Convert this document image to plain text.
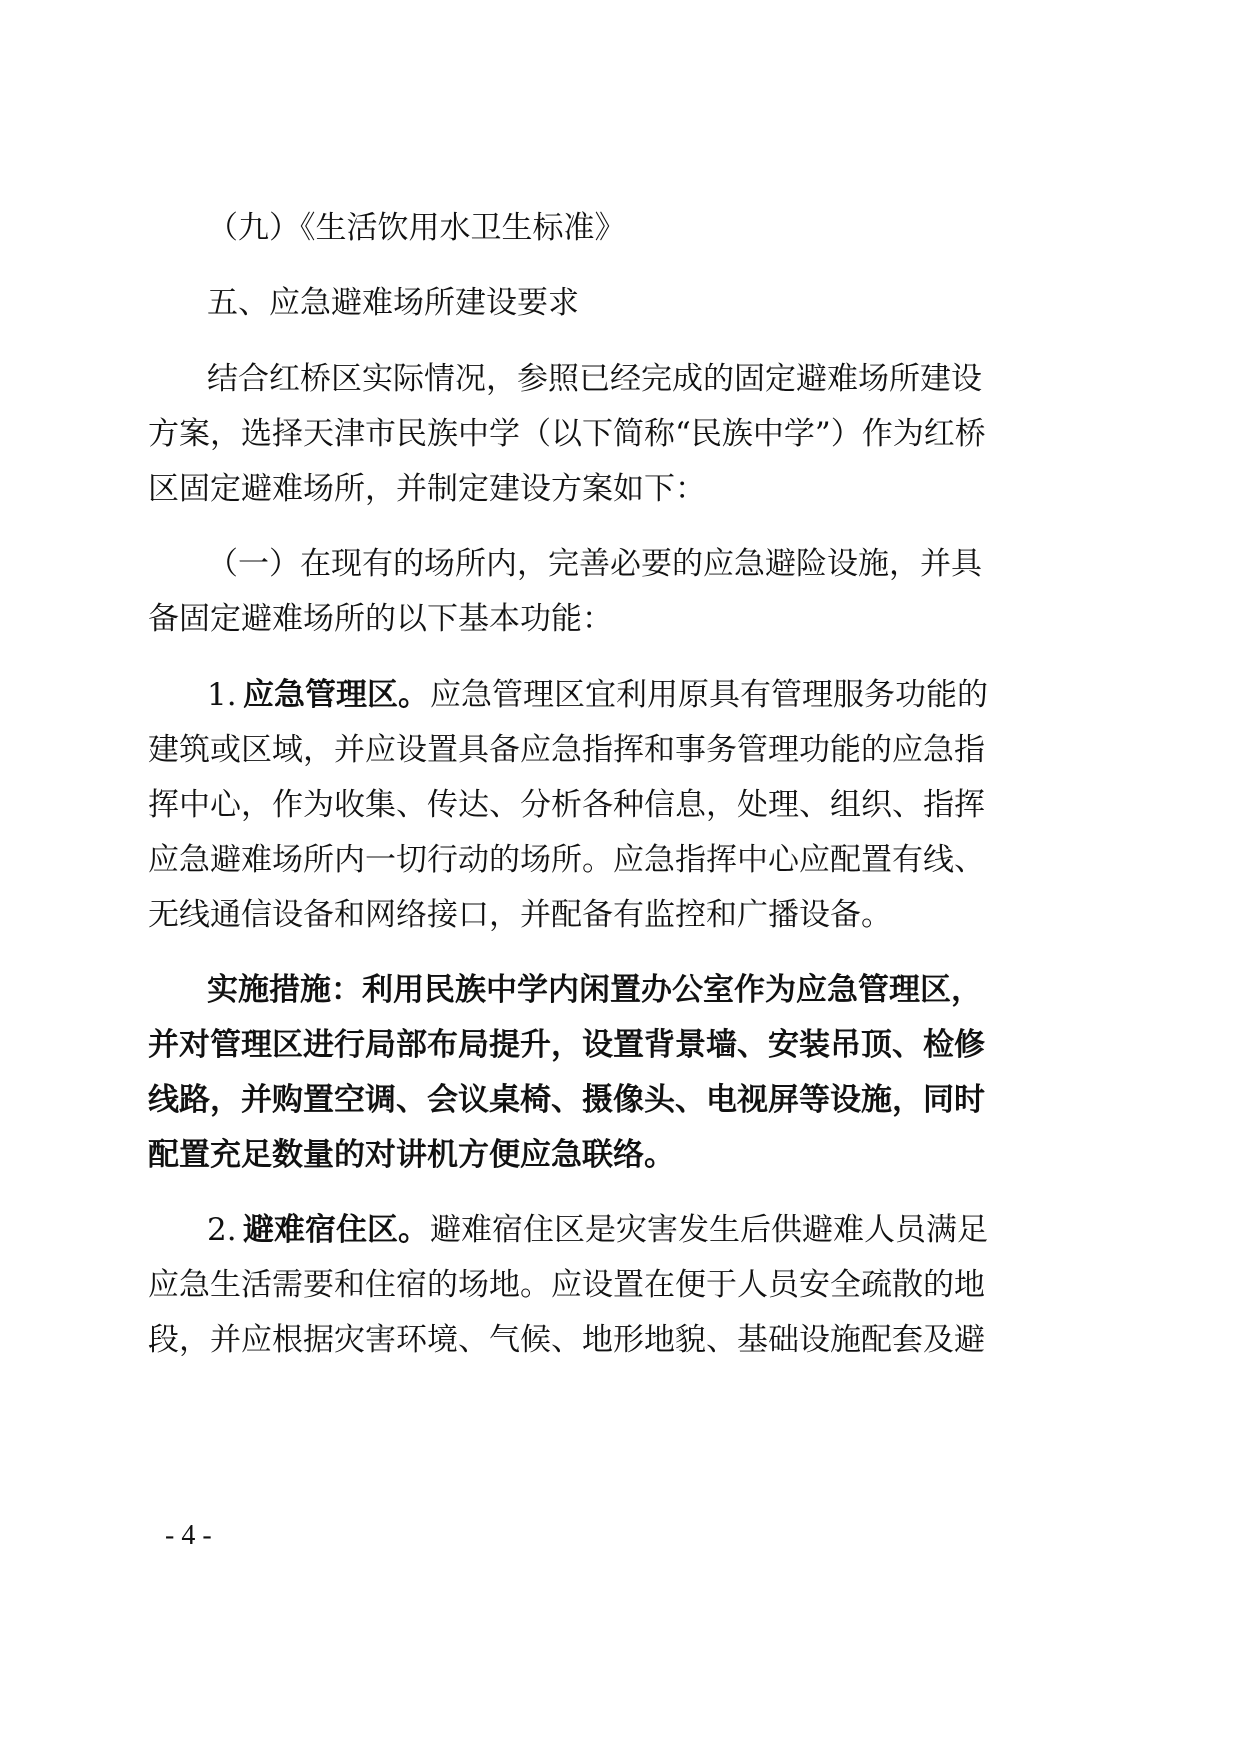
（九）《生活饮用水卫生标准》
五、应急避难场所建设要求
结合红桥区实际情况，参照已经完成的固定避难场所建设
方案，选择天津市民族中学（以下简称“民族中学”）作为红桥
区固定避难场所，并制定建设方案如下：
（一）在现有的场所内，完善必要的应急避险设施，并具
备固定避难场所的以下基本功能：
1. 应急管理区。 应急管理区宜利用原具有管理服务功能的
建筑或区域，并应设置具备应急指挥和事务管理功能的应急指
挥中心，作为收集、传达、分析各种信息，处理、组织、指挥
应急避难场所内一切行动的场所。应急指挥中心应配置有线、
无线通信设备和网络接口，并配备有监控和广播设备。
实施措施：利用民族中学内闲置办公室作为应急管理区，
并对管理区进行局部布局提升，设置背景墙、安装吊顶、检修
线路，并购置空调、会议桌椅、摄像头、电视屏等设施，同时
配置充足数量的对讲机方便应急联络。
2. 避难宿住区。 避难宿住区是灾害发生后供避难人员满足
应急生活需要和住宿的场地。应设置在便于人员安全疏散的地
段，并应根据灾害环境、气候、地形地貌、基础设施配套及避
- 4 -
